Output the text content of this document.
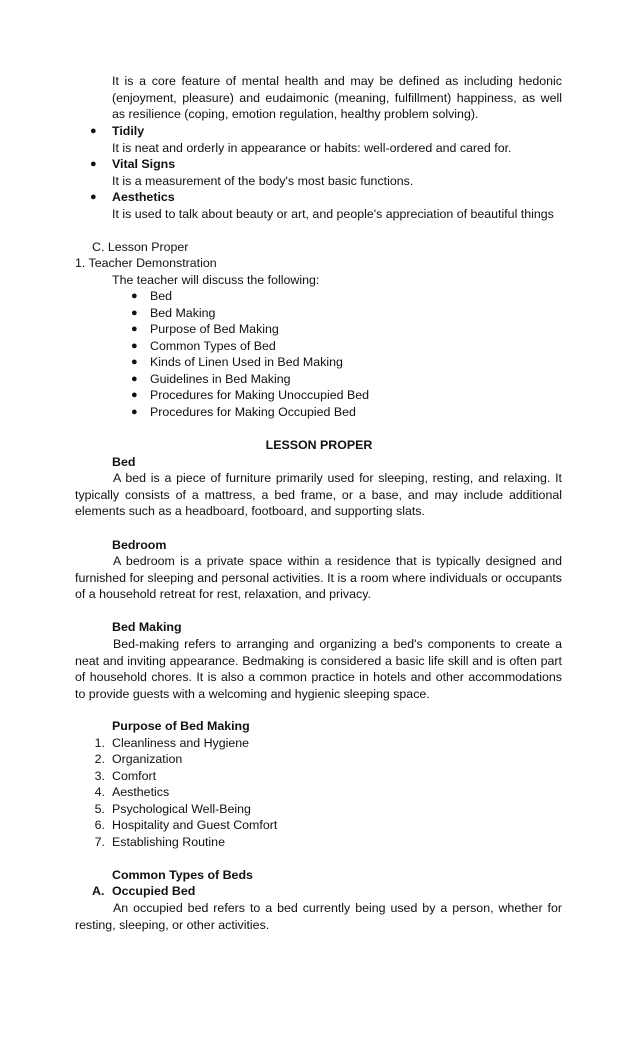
It is a core feature of mental health and may be defined as including hedonic (enjoyment, pleasure) and eudaimonic (meaning, fulfillment) happiness, as well as resilience (coping, emotion regulation, healthy problem solving).

● Tidily
It is neat and orderly in appearance or habits: well-ordered and cared for.
● Vital Signs
It is a measurement of the body's most basic functions.
● Aesthetics
It is used to talk about beauty or art, and people's appreciation of beautiful things
C. Lesson Proper
1. Teacher Demonstration
The teacher will discuss the following:
● Bed
● Bed Making
● Purpose of Bed Making
● Common Types of Bed
● Kinds of Linen Used in Bed Making
● Guidelines in Bed Making
● Procedures for Making Unoccupied Bed
● Procedures for Making Occupied Bed
LESSON PROPER
Bed

A bed is a piece of furniture primarily used for sleeping, resting, and relaxing. It typically consists of a mattress, a bed frame, or a base, and may include additional elements such as a headboard, footboard, and supporting slats.

Bedroom

A bedroom is a private space within a residence that is typically designed and furnished for sleeping and personal activities. It is a room where individuals or occupants of a household retreat for rest, relaxation, and privacy.

Bed Making

Bed-making refers to arranging and organizing a bed's components to create a neat and inviting appearance. Bedmaking is considered a basic life skill and is often part of household chores. It is also a common practice in hotels and other accommodations to provide guests with a welcoming and hygienic sleeping space.

Purpose of Bed Making
1. Cleanliness and Hygiene
2. Organization
3. Comfort
4. Aesthetics
5. Psychological Well-Being
6. Hospitality and Guest Comfort
7. Establishing Routine
Common Types of Beds
A. Occupied Bed

An occupied bed refers to a bed currently being used by a person, whether for resting, sleeping, or other activities.
